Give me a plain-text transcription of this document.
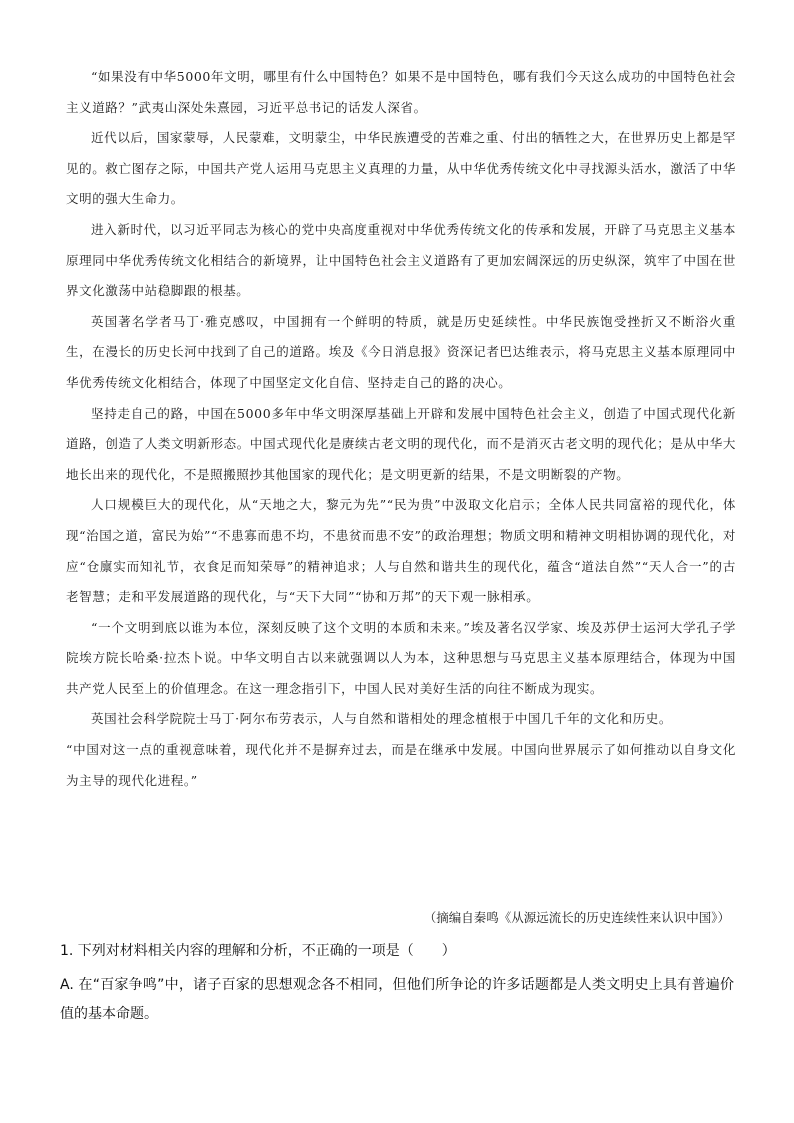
“如果没有中华5000年文明，哪里有什么中国特色？如果不是中国特色，哪有我们今天这么成功的中国特色社会主义道路？”武夷山深处朱熹园，习近平总书记的话发人深省。

近代以后，国家蒙辱，人民蒙难，文明蒙尘，中华民族遭受的苦难之重、付出的牺牲之大，在世界历史上都是罕见的。救亡图存之际，中国共产党人运用马克思主义真理的力量，从中华优秀传统文化中寻找源头活水，激活了中华文明的强大生命力。

进入新时代，以习近平同志为核心的党中央高度重视对中华优秀传统文化的传承和发展，开辟了马克思主义基本原理同中华优秀传统文化相结合的新境界，让中国特色社会主义道路有了更加宏阔深远的历史纵深，筑牢了中国在世界文化激荡中站稳脚跟的根基。

英国著名学者马丁·雅克感叹，中国拥有一个鲜明的特质，就是历史延续性。中华民族饱受挫折又不断浴火重生，在漫长的历史长河中找到了自己的道路。埃及《今日消息报》资深记者巴达维表示，将马克思主义基本原理同中华优秀传统文化相结合，体现了中国坚定文化自信、坚持走自己的路的决心。

坚持走自己的路，中国在5000多年中华文明深厚基础上开辟和发展中国特色社会主义，创造了中国式现代化新道路，创造了人类文明新形态。中国式现代化是赓续古老文明的现代化，而不是消灭古老文明的现代化；是从中华大地长出来的现代化，不是照搬照抄其他国家的现代化；是文明更新的结果，不是文明断裂的产物。

人口规模巨大的现代化，从“天地之大，黎元为先”“民为贵”中汲取文化启示；全体人民共同富裕的现代化，体现“治国之道，富民为始”“不患寡而患不均，不患贫而患不安”的政治理想；物质文明和精神文明相协调的现代化，对应“仓廪实而知礼节，衣食足而知荣辱”的精神追求；人与自然和谐共生的现代化，蕴含“道法自然”“天人合一”的古老智慧；走和平发展道路的现代化，与“天下大同”“协和万邦”的天下观一脉相承。

“一个文明到底以谁为本位，深刻反映了这个文明的本质和未来。”埃及著名汉学家、埃及苏伊士运河大学孔子学院埃方院长哈桑·拉杰卜说。中华文明自古以来就强调以人为本，这种思想与马克思主义基本原理结合，体现为中国共产党人民至上的价值理念。在这一理念指引下，中国人民对美好生活的向往不断成为现实。

英国社会科学院院士马丁·阿尔布劳表示，人与自然和谐相处的理念植根于中国几千年的文化和历史。

“中国对这一点的重视意味着，现代化并不是摒弃过去，而是在继承中发展。中国向世界展示了如何推动以自身文化为主导的现代化进程。”

（摘编自秦鸣《从源远流长的历史连续性来认识中国》）

1. 下列对材料相关内容的理解和分析，不正确的一项是（　　）

A. 在“百家争鸣”中，诸子百家的思想观念各不相同，但他们所争论的许多话题都是人类文明史上具有普遍价值的基本命题。
